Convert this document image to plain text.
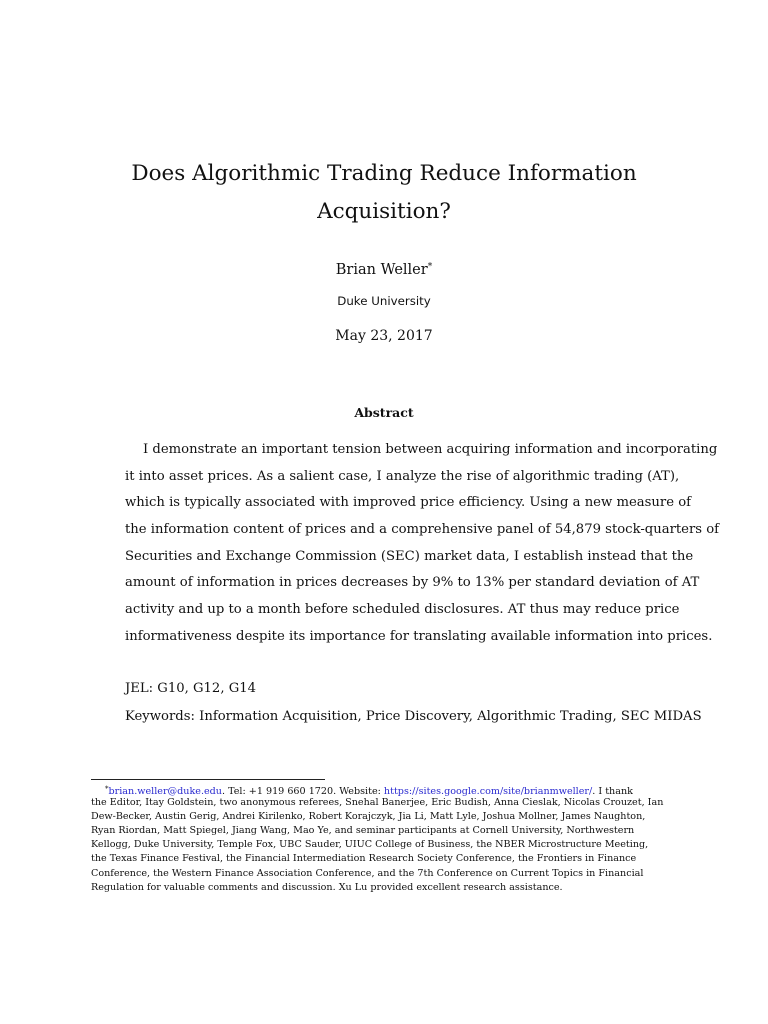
Does Algorithmic Trading Reduce Information
Acquisition?
Brian Weller*
Duke University
May 23, 2017
Abstract
I demonstrate an important tension between acquiring information and incorporating
it into asset prices. As a salient case, I analyze the rise of algorithmic trading (AT),
which is typically associated with improved price efficiency. Using a new measure of
the information content of prices and a comprehensive panel of 54,879 stock-quarters of
Securities and Exchange Commission (SEC) market data, I establish instead that the
amount of information in prices decreases by 9% to 13% per standard deviation of AT
activity and up to a month before scheduled disclosures. AT thus may reduce price
informativeness despite its importance for translating available information into prices.
JEL: G10, G12, G14
Keywords: Information Acquisition, Price Discovery, Algorithmic Trading, SEC MIDAS
*brian.weller@duke.edu. Tel: +1 919 660 1720. Website: https://sites.google.com/site/brianmweller/. I thank
the Editor, Itay Goldstein, two anonymous referees, Snehal Banerjee, Eric Budish, Anna Cieslak, Nicolas Crouzet, Ian
Dew-Becker, Austin Gerig, Andrei Kirilenko, Robert Korajczyk, Jia Li, Matt Lyle, Joshua Mollner, James Naughton,
Ryan Riordan, Matt Spiegel, Jiang Wang, Mao Ye, and seminar participants at Cornell University, Northwestern
Kellogg, Duke University, Temple Fox, UBC Sauder, UIUC College of Business, the NBER Microstructure Meeting,
the Texas Finance Festival, the Financial Intermediation Research Society Conference, the Frontiers in Finance
Conference, the Western Finance Association Conference, and the 7th Conference on Current Topics in Financial
Regulation for valuable comments and discussion. Xu Lu provided excellent research assistance.
